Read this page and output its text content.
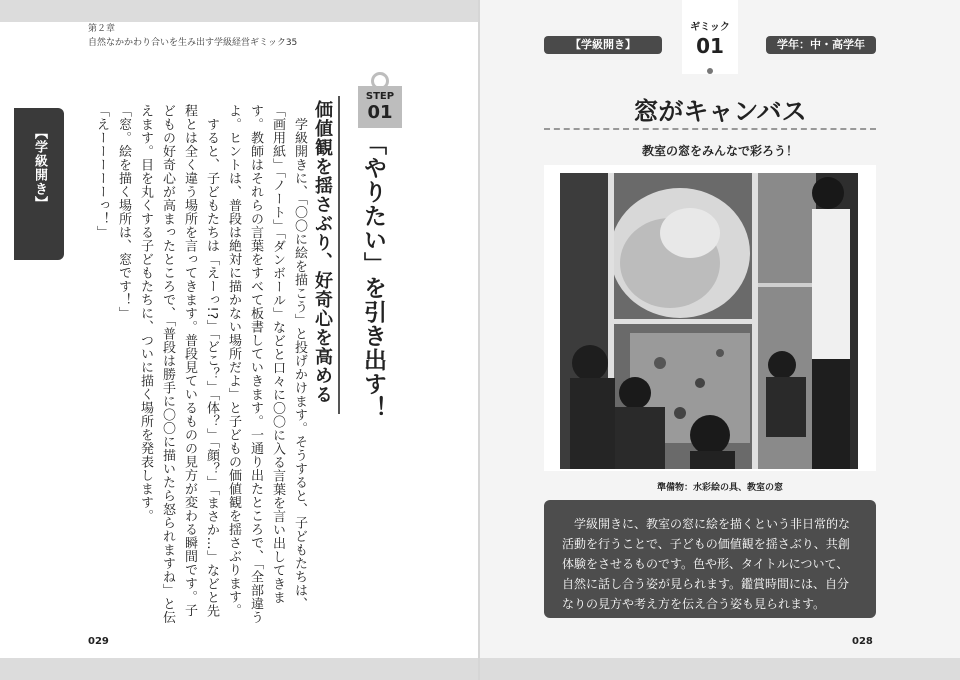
第２章
自然なかかわり合いを生み出す学級経営ギミック35
【学級開き】
STEP
01
「やりたい」を引き出す！
価値観を揺さぶり、好奇心を高める

　学級開きに、「〇〇に絵を描こう」と投げかけます。そうすると、子どもたちは、「画用紙」「ノート」「ダンボール」などと口々に〇〇に入る言葉を言い出してきます。教師はそれらの言葉をすべて板書していきます。一通り出たところで、「全部違うよ。ヒントは、普段は絶対に描かない場所だよ」と子どもの価値観を揺さぶります。

　すると、子どもたちは「えーっ!?」「どこ？」「体？」「顔？」「まさか…」などと先程とは全く違う場所を言ってきます。普段見ているものの見方が変わる瞬間です。子どもの好奇心が高まったところで、「普段は勝手に〇〇に描いたら怒られますね」と伝えます。目を丸くする子どもたちに、ついに描く場所を発表します。

「窓。絵を描く場所は、窓です！」

「えーーーーーっ！」

029
【学級開き】
ギミック
01	学年：中・高学年
窓がキャンバス
教室の窓をみんなで彩ろう！
準備物：水彩絵の具、教室の窓
　学級開きに、教室の窓に絵を描くという非日常的な活動を行うことで、子どもの価値観を揺さぶり、共創体験をさせるものです。色や形、タイトルについて、自然に話し合う姿が見られます。鑑賞時間には、自分なりの見方や考え方を伝え合う姿も見られます。
028
